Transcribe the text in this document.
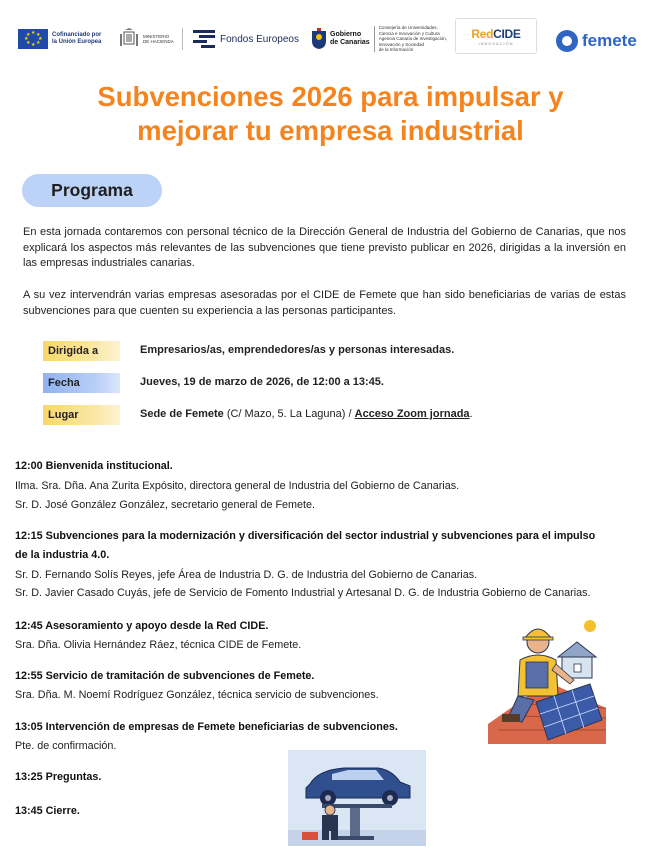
★ ★
★
★
★
★
★
★	Cofinanciado por
la Unión Europea
MINISTERIO
DE HACIENDA	Fondos Europeos	Gobierno
de Canarias
Consejería de Universidades,
Ciencia e Innovación y Cultura
Agencia Canaria de Investigación,
Innovación y Sociedad
de la Información
RedCIDE
INNOVACIÓN	femete
Subvenciones 2026 para impulsar y
mejorar tu empresa industrial
Programa
En esta jornada contaremos con personal técnico de la Dirección General de Industria del Gobierno de Canarias, que nos explicará los aspectos más relevantes de las subvenciones que tiene previsto publicar en 2026, dirigidas a la inversión en las empresas industriales canarias.
A su vez intervendrán varias empresas asesoradas por el CIDE de Femete que han sido beneficiarias de varias de estas subvenciones para que cuenten su experiencia a las personas participantes.
Dirigida a	Empresarios/as, emprendedores/as y personas interesadas.
Fecha	Jueves, 19 de marzo de 2026, de 12:00 a 13:45.
Lugar	Sede de Femete (C/ Mazo, 5. La Laguna) / Acceso Zoom jornada.
12:00 Bienvenida institucional.
Ilma. Sra. Dña. Ana Zurita Expósito, directora general de Industria del Gobierno de Canarias.
Sr. D. José González González, secretario general de Femete.
12:15 Subvenciones para la modernización y diversificación del sector industrial y subvenciones para el impulso
de la industria 4.0.
Sr. D. Fernando Solís Reyes, jefe Área de Industria D. G. de Industria del Gobierno de Canarias.
Sr. D. Javier Casado Cuyás, jefe de Servicio de Fomento Industrial y Artesanal D. G. de Industria Gobierno de Canarias.
12:45 Asesoramiento y apoyo desde la Red CIDE.
Sra. Dña. Olivia Hernández Ráez, técnica CIDE de Femete.
12:55 Servicio de tramitación de subvenciones de Femete.
Sra. Dña. M. Noemí Rodríguez González, técnica servicio de subvenciones.
13:05 Intervención de empresas de Femete beneficiarias de subvenciones.
Pte. de confirmación.
13:25 Preguntas.
13:45 Cierre.
